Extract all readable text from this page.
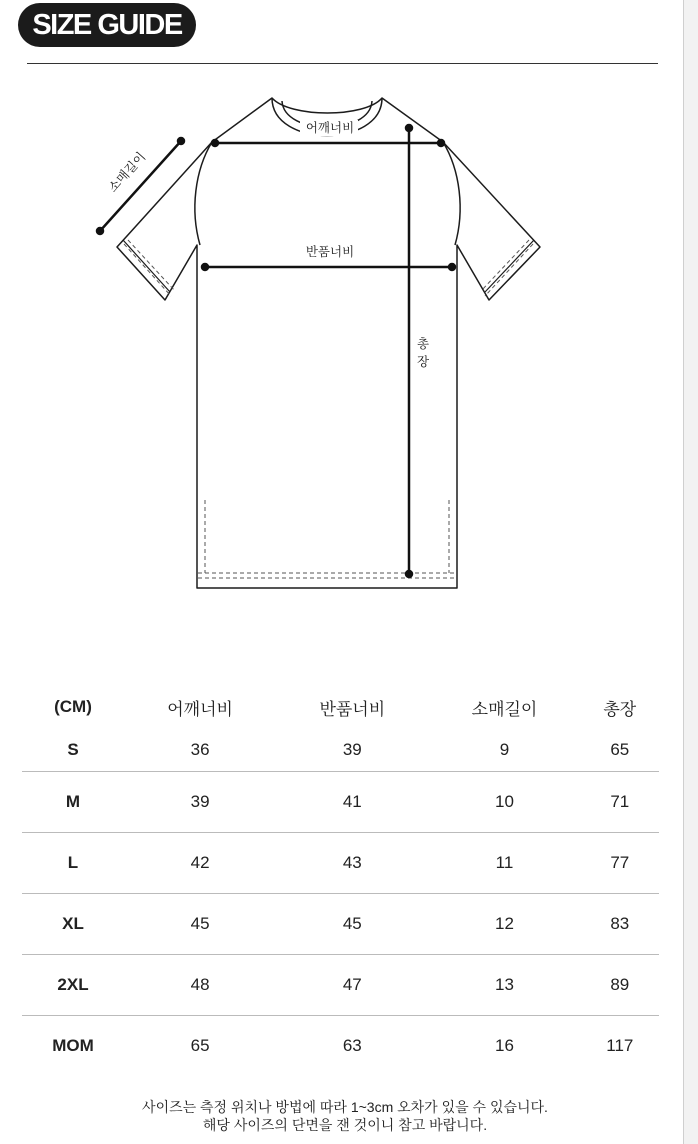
SIZE GUIDE
어깨너비
반품너비
소매길이
총
장
(CM)	어깨너비	반품너비	소매길이	총장
S	36	39	9	65
M	39	41	10	71
L	42	43	11	77
XL	45	45	12	83
2XL	48	47	13	89
MOM	65	63	16	117
사이즈는 측정 위치나 방법에 따라 1~3cm 오차가 있을 수 있습니다.
해당 사이즈의 단면을 잰 것이니 참고 바랍니다.
